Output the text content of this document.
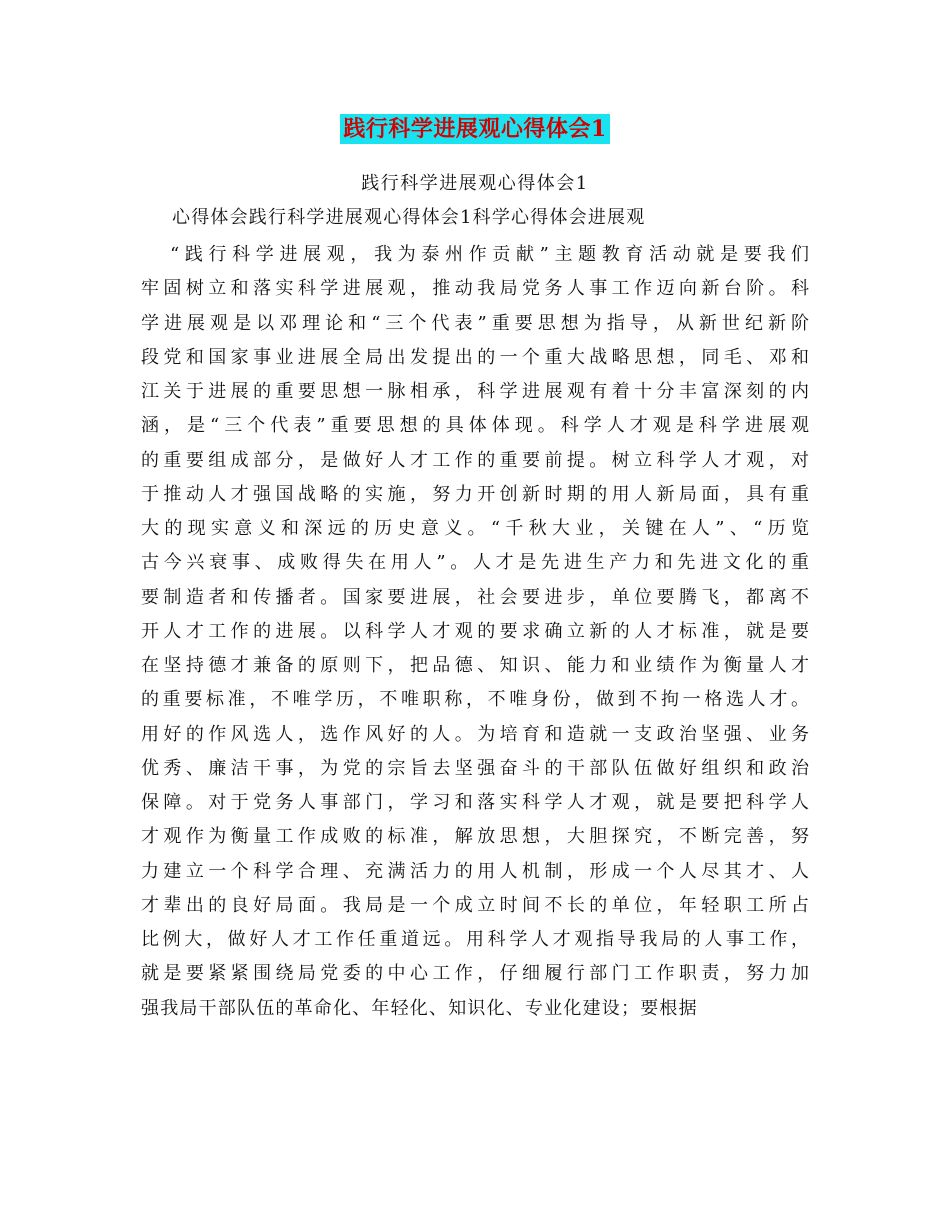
践行科学进展观心得体会1
践行科学进展观心得体会1
心得体会践行科学进展观心得体会1科学心得体会进展观
“践行科学进展观，我为泰州作贡献”主题教育活动就是要我们
牢固树立和落实科学进展观，推动我局党务人事工作迈向新台阶。科
学进展观是以邓理论和“三个代表”重要思想为指导，从新世纪新阶
段党和国家事业进展全局出发提出的一个重大战略思想，同毛、邓和
江关于进展的重要思想一脉相承，科学进展观有着十分丰富深刻的内
涵，是“三个代表”重要思想的具体体现。科学人才观是科学进展观
的重要组成部分，是做好人才工作的重要前提。树立科学人才观，对
于推动人才强国战略的实施，努力开创新时期的用人新局面，具有重
大的现实意义和深远的历史意义。“千秋大业，关键在人”、“历览
古今兴衰事、成败得失在用人”。人才是先进生产力和先进文化的重
要制造者和传播者。国家要进展，社会要进步，单位要腾飞，都离不
开人才工作的进展。以科学人才观的要求确立新的人才标准，就是要
在坚持德才兼备的原则下，把品德、知识、能力和业绩作为衡量人才
的重要标准，不唯学历，不唯职称，不唯身份，做到不拘一格选人才。
用好的作风选人，选作风好的人。为培育和造就一支政治坚强、业务
优秀、廉洁干事，为党的宗旨去坚强奋斗的干部队伍做好组织和政治
保障。对于党务人事部门，学习和落实科学人才观，就是要把科学人
才观作为衡量工作成败的标准，解放思想，大胆探究，不断完善，努
力建立一个科学合理、充满活力的用人机制，形成一个人尽其才、人
才辈出的良好局面。我局是一个成立时间不长的单位，年轻职工所占
比例大，做好人才工作任重道远。用科学人才观指导我局的人事工作，
就是要紧紧围绕局党委的中心工作，仔细履行部门工作职责，努力加
强我局干部队伍的革命化、年轻化、知识化、专业化建设；要根据
